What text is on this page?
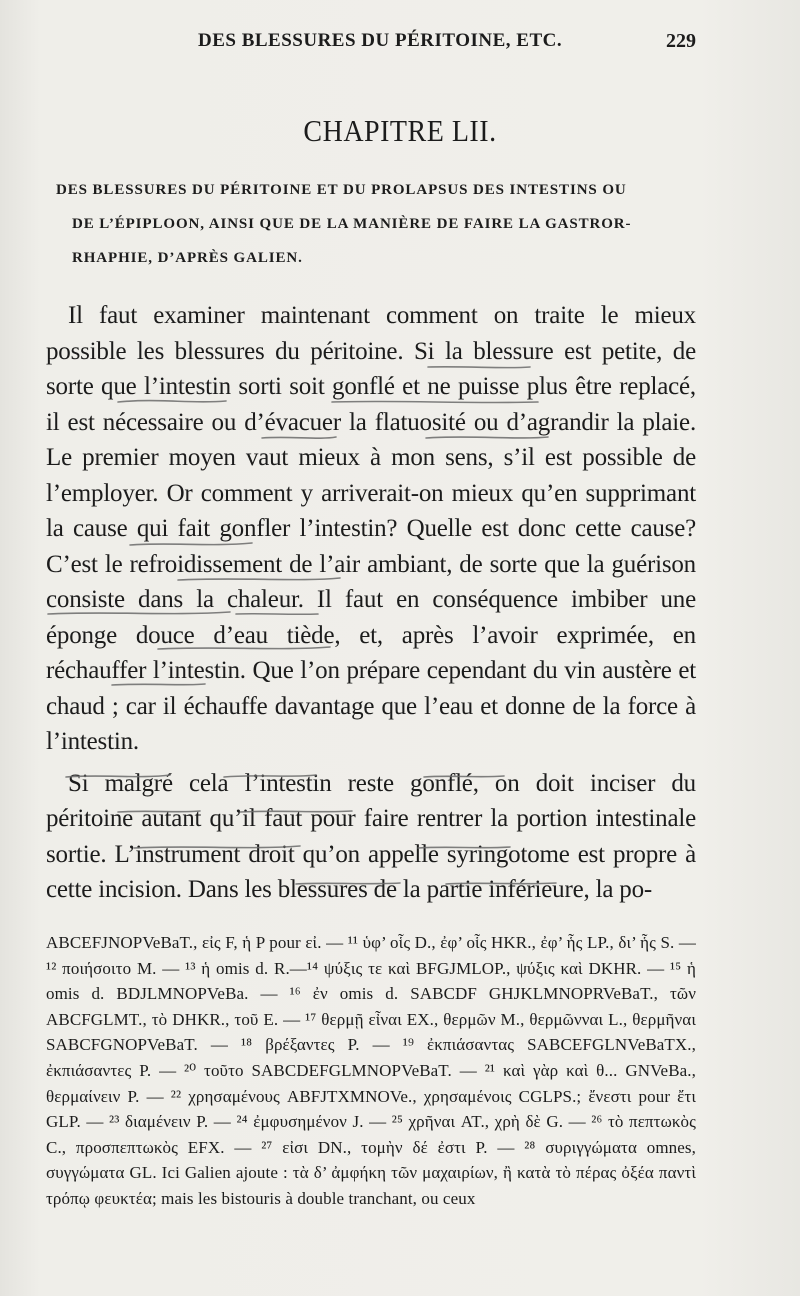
DES BLESSURES DU PÉRITOINE, ETC.	229
CHAPITRE LII.
DES BLESSURES DU PÉRITOINE ET DU PROLAPSUS DES INTESTINS OU
DE L’ÉPIPLOON, AINSI QUE DE LA MANIÈRE DE FAIRE LA GASTROR-
RHAPHIE, D’APRÈS GALIEN.

Il faut examiner maintenant comment on traite le mieux possible les blessures du péritoine. Si la blessure est petite, de sorte que l’intestin sorti soit gonflé et ne puisse plus être replacé, il est nécessaire ou d’évacuer la flatuosité ou d’agrandir la plaie. Le premier moyen vaut mieux à mon sens, s’il est possible de l’employer. Or comment y arriverait-on mieux qu’en supprimant la cause qui fait gonfler l’intestin? Quelle est donc cette cause? C’est le refroidissement de l’air ambiant, de sorte que la guérison consiste dans la chaleur. Il faut en conséquence imbiber une éponge douce d’eau tiède, et, après l’avoir exprimée, en réchauffer l’intestin. Que l’on prépare cependant du vin austère et chaud ; car il échauffe davantage que l’eau et donne de la force à l’intestin.

Si malgré cela l’intestin reste gonflé, on doit inciser du péritoine autant qu’il faut pour faire rentrer la portion intestinale sortie. L’instrument droit qu’on appelle syringotome est propre à cette incision. Dans les blessures de la partie inférieure, la po-

ABCEFJNOPVeBaT., εἰς F, ἡ P pour εἰ. — ¹¹ ὑφ’ οἷς D., ἐφ’ οἷς HKR., ἐφ’ ἧς LP., δι’ ἧς S. — ¹² ποιήσοιτο M. — ¹³ ἡ omis d. R.—¹⁴ ψύξις τε καὶ BFGJMLOP., ψύξις καὶ DKHR. — ¹⁵ ἡ omis d. BDJLMNOPVeBa. — ¹⁶ ἐν omis d. SABCDF GHJKLMNOPRVeBaT., τῶν ABCFGLMT., τὸ DHKR., τοῦ E. — ¹⁷ θερμῇ εἶναι EX., θερμῶν M., θερμῶνναι L., θερμῆναι SABCFGNOPVeBaT. — ¹⁸ βρέξαντες P. — ¹⁹ ἐκπιάσαντας SABCEFGLNVeBaTX., ἐκπιάσαντες P. — ²⁰ τοῦτο SABCDEFGLMNOPVeBaT. — ²¹ καὶ γὰρ καὶ θ... GNVeBa., θερμαίνειν P. — ²² χρησαμένους ABFJTXMNOVe., χρησαμένοις CGLPS.; ἔνεστι pour ἔτι GLP. — ²³ διαμένειν P. — ²⁴ ἐμφυσημένον J. — ²⁵ χρῆναι AT., χρὴ δὲ G. — ²⁶ τὸ πεπτωκὸς C., προσπεπτωκὸς EFX. — ²⁷ εἰσι DN., τομὴν δέ ἐστι P. — ²⁸ συριγγώματα omnes, συγγώματα GL. Ici Galien ajoute : τὰ δ’ ἀμφήκη τῶν μαχαιρίων, ἢ κατὰ τὸ πέρας ὀξέα παντὶ τρόπῳ φευκτέα; mais les bistouris à double tranchant, ou ceux
